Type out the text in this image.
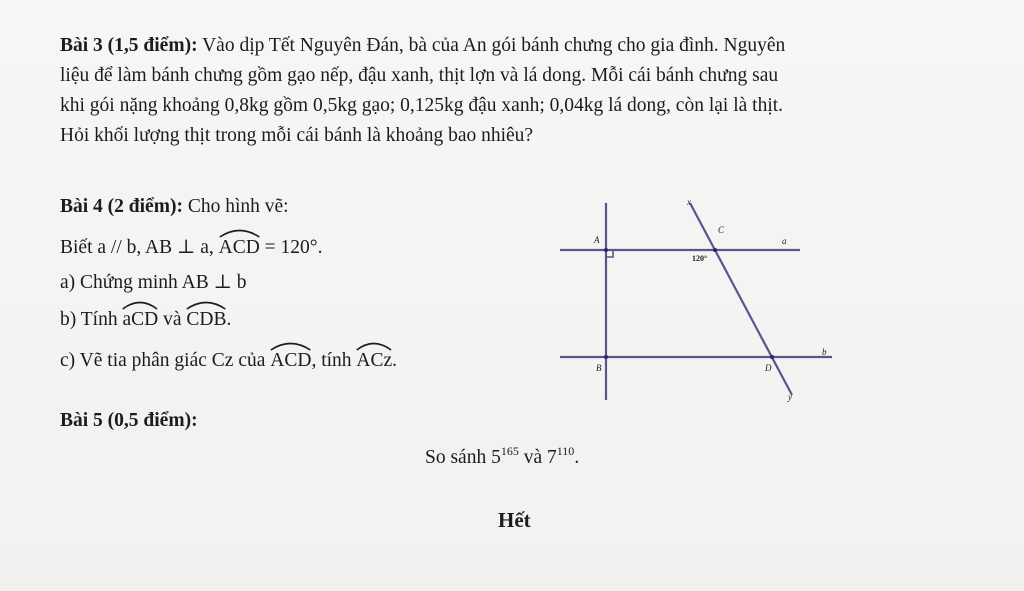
Bài 3 (1,5 điểm): Vào dịp Tết Nguyên Đán, bà của An gói bánh chưng cho gia đình. Nguyên
liệu để làm bánh chưng gồm gạo nếp, đậu xanh, thịt lợn và lá dong. Mỗi cái bánh chưng sau
khi gói nặng khoảng 0,8kg gồm 0,5kg gạo; 0,125kg đậu xanh; 0,04kg lá dong, còn lại là thịt.
Hỏi khối lượng thịt trong mỗi cái bánh là khoảng bao nhiêu?
Bài 4 (2 điểm): Cho hình vẽ:
Biết a // b, AB ⊥ a,
ACD = 120°.
a) Chứng minh AB ⊥ b
b) Tính
aCD và
CDB.
c) Vẽ tia phân giác Cz của
ACD, tính
ACz.
A
C
a
B	D
b
x
y
120°
Bài 5 (0,5 điểm):
So sánh $5^{165}$ và $7^{110}$.
Hết
